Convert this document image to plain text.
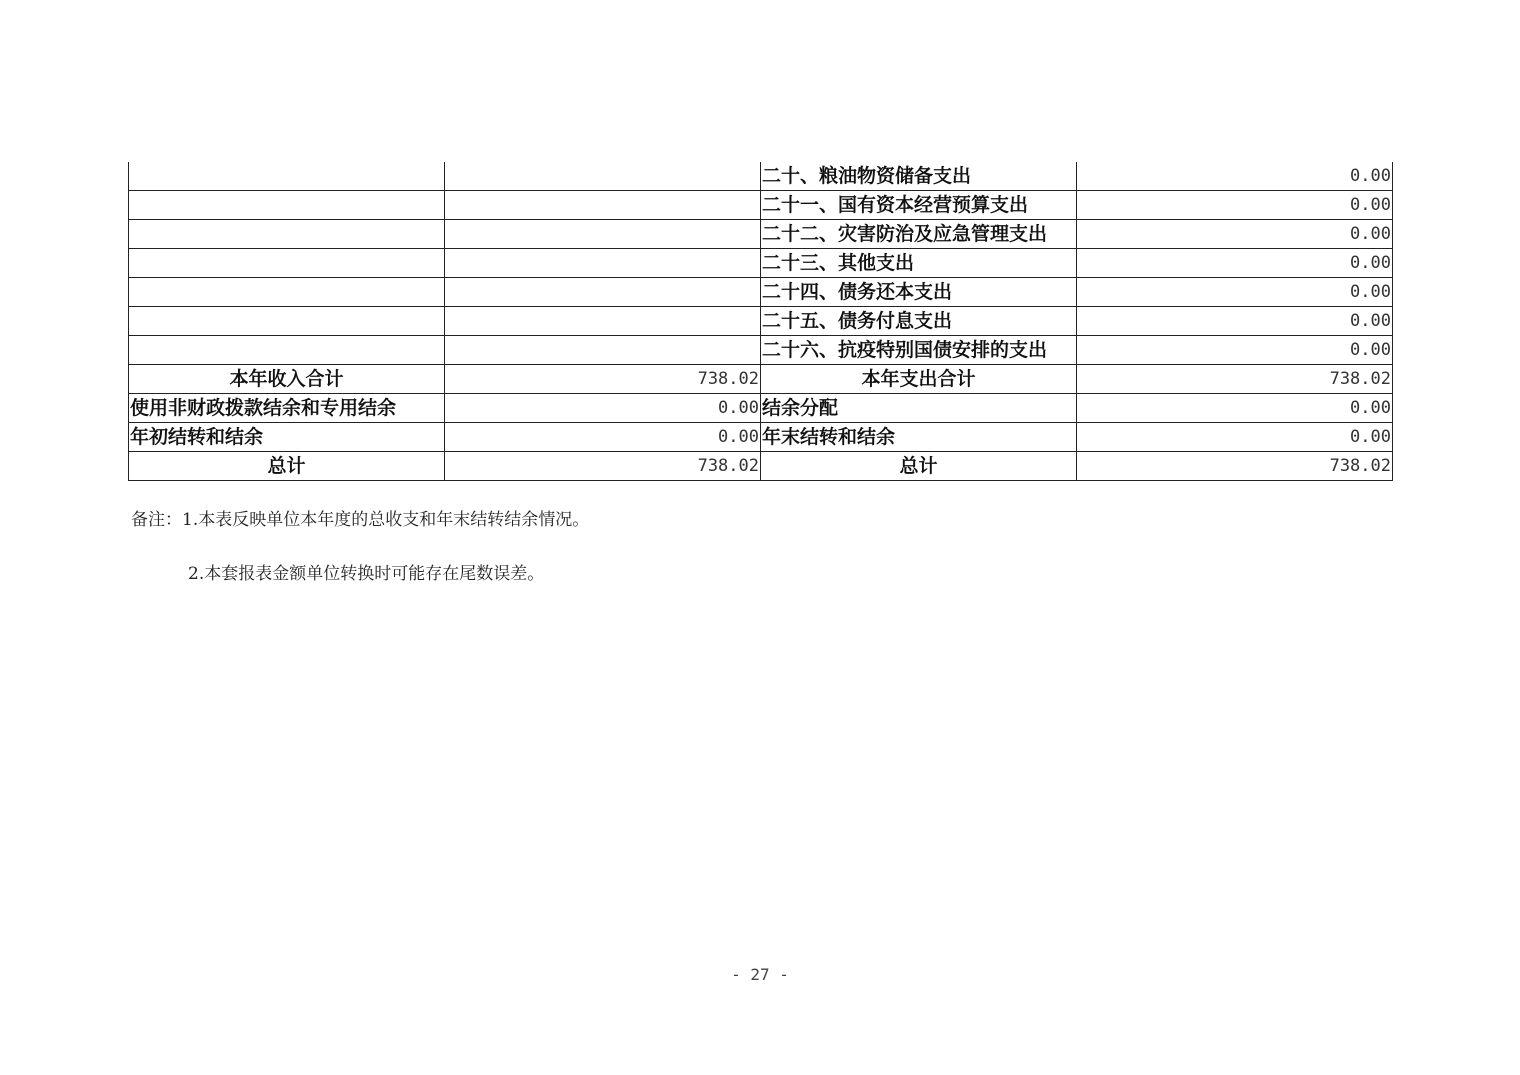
		二十、粮油物资储备支出	0.00
		二十一、国有资本经营预算支出	0.00
		二十二、灾害防治及应急管理支出	0.00
		二十三、其他支出	0.00
		二十四、债务还本支出	0.00
		二十五、债务付息支出	0.00
		二十六、抗疫特别国债安排的支出	0.00
本年收入合计	738.02	本年支出合计	738.02
使用非财政拨款结余和专用结余	0.00	结余分配	0.00
年初结转和结余	0.00	年末结转和结余	0.00
总计	738.02	总计	738.02
备注：1.本表反映单位本年度的总收支和年末结转结余情况。
2.本套报表金额单位转换时可能存在尾数误差。
- 27 -
